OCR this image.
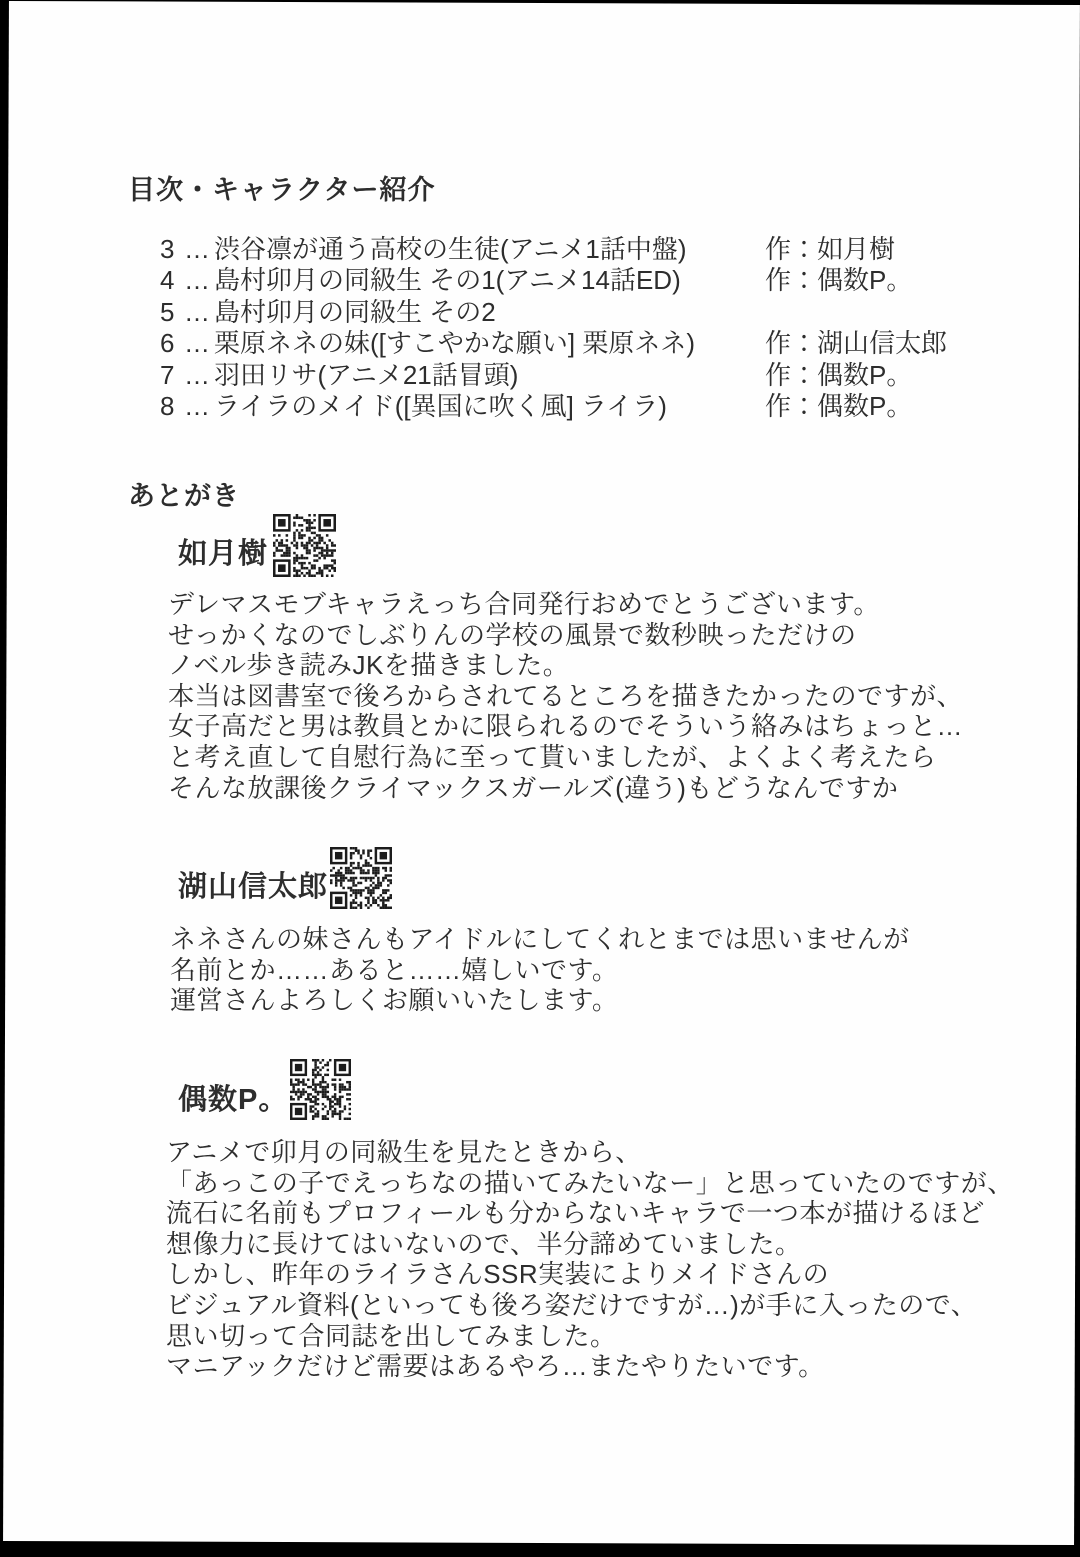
目次・キャラクター紹介
3 … 渋谷凛が通う高校の生徒(アニメ1話中盤)	作：如月樹
4 … 島村卯月の同級生 その1(アニメ14話ED)	作：偶数P。
5 … 島村卯月の同級生 その2
6 … 栗原ネネの妹([すこやかな願い] 栗原ネネ)	作：湖山信太郎
7 … 羽田リサ(アニメ21話冒頭)	作：偶数P。
8 … ライラのメイド([異国に吹く風] ライラ)	作：偶数P。
あとがき
如月樹
デレマスモブキャラえっち合同発行おめでとうございます。
せっかくなのでしぶりんの学校の風景で数秒映っただけの
ノベル歩き読みJKを描きました。
本当は図書室で後ろからされてるところを描きたかったのですが、
女子高だと男は教員とかに限られるのでそういう絡みはちょっと…
と考え直して自慰行為に至って貰いましたが、よくよく考えたら
そんな放課後クライマックスガールズ(違う)もどうなんですか
湖山信太郎
ネネさんの妹さんもアイドルにしてくれとまでは思いませんが
名前とか……あると……嬉しいです。
運営さんよろしくお願いいたします。
偶数P。
アニメで卯月の同級生を見たときから、
「あっこの子でえっちなの描いてみたいなー」と思っていたのですが、
流石に名前もプロフィールも分からないキャラで一つ本が描けるほど
想像力に長けてはいないので、半分諦めていました。
しかし、昨年のライラさんSSR実装によりメイドさんの
ビジュアル資料(といっても後ろ姿だけですが…)が手に入ったので、
思い切って合同誌を出してみました。
マニアックだけど需要はあるやろ…またやりたいです。
